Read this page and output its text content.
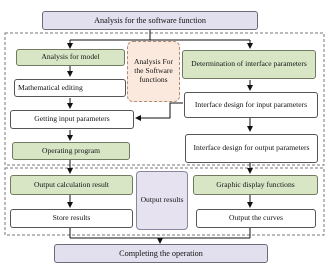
Analysis for the software function
Analysis for model
Analysis For the Software functions
Determination of interface parameters
Mathematical editing
Interface design for input parameters
Getting input parameters
Operating program	Interface design for output parameters
Output calculation result
Output results
Graphic display functions
Store results	Output the curves
Completing the operation
